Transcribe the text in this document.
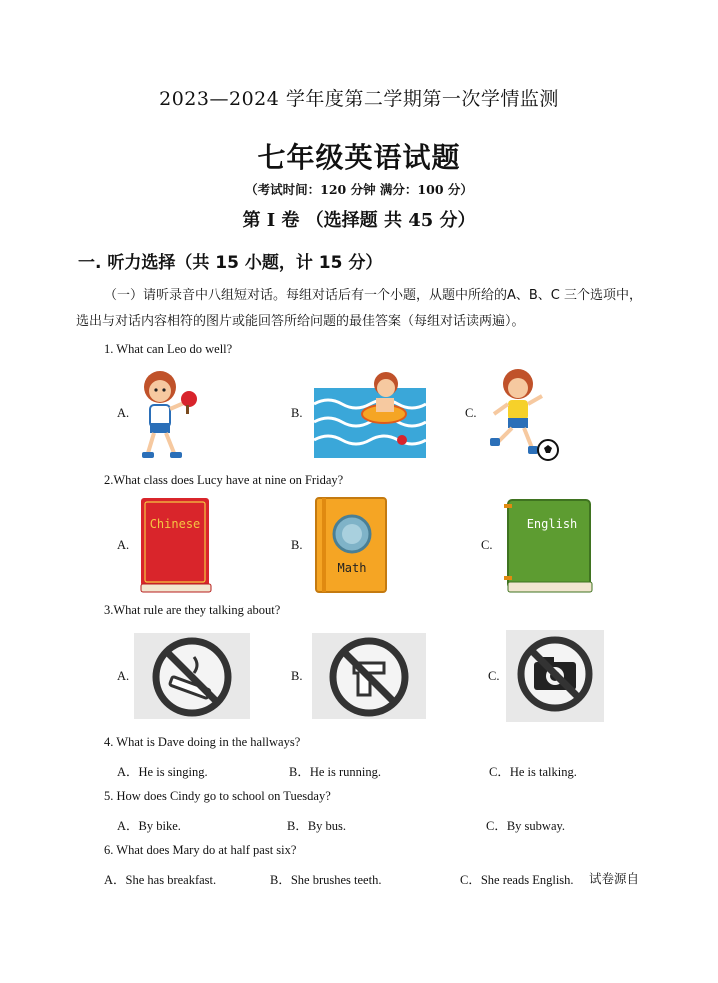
2023—2024 学年度第二学期第一次学情监测
七年级英语试题
（考试时间：120 分钟 满分：100 分）
第 I 卷 （选择题 共 45 分）
一. 听力选择（共 15 小题，计 15 分）
（一）请听录音中八组短对话。每组对话后有一个小题，从题中所给的A、B、C 三个选项中，
选出与对话内容相符的图片或能回答所给问题的最佳答案（每组对话读两遍）。
1. What can Leo do well?
A.	B.	C.
2.What class does Lucy have at nine on Friday?
A.	B.	C.
Chinese
Math
English
3.What rule are they talking about?
A.	B.	C.
4. What is Dave doing in the hallways?
A．He is singing.	B．He is running.	C．He is talking.
5. How does Cindy go to school on Tuesday?
A．By bike.	B．By bus.	C．By subway.
6. What does Mary do at half past six?
A．She has breakfast.	B．She brushes teeth.	C．She reads English. 试卷源自
